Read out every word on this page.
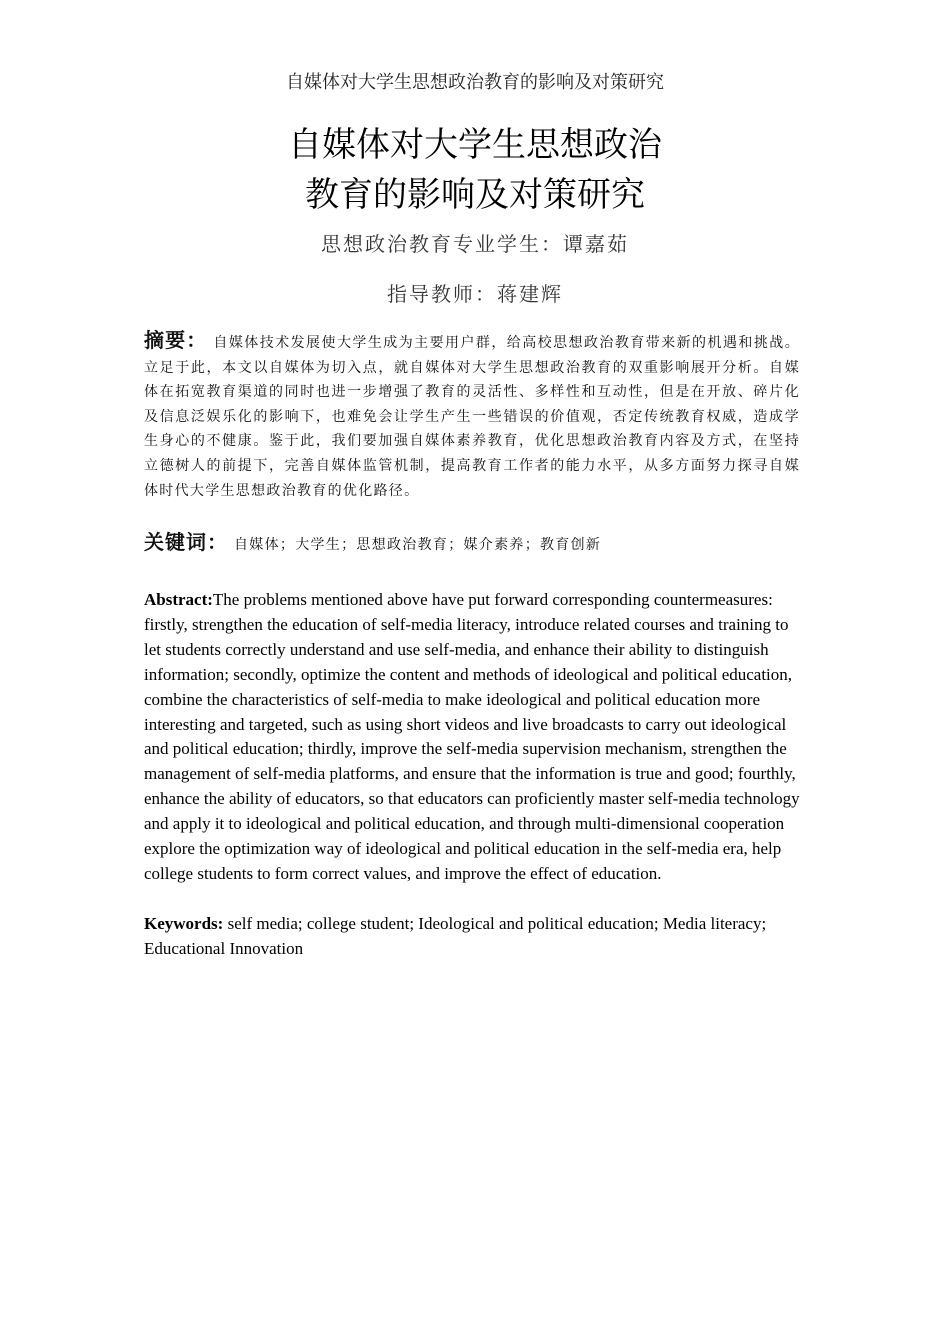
自媒体对大学生思想政治教育的影响及对策研究
自媒体对大学生思想政治
教育的影响及对策研究
思想政治教育专业学生：谭嘉茹
指导教师：蒋建辉
摘要： 自媒体技术发展使大学生成为主要用户群，给高校思想政治教育带来新的机遇和挑战。立足于此，本文以自媒体为切入点，就自媒体对大学生思想政治教育的双重影响展开分析。自媒体在拓宽教育渠道的同时也进一步增强了教育的灵活性、多样性和互动性，但是在开放、碎片化及信息泛娱乐化的影响下，也难免会让学生产生一些错误的价值观，否定传统教育权威，造成学生身心的不健康。鉴于此，我们要加强自媒体素养教育，优化思想政治教育内容及方式，在坚持立德树人的前提下，完善自媒体监管机制，提高教育工作者的能力水平，从多方面努力探寻自媒体时代大学生思想政治教育的优化路径。
关键词： 自媒体；大学生；思想政治教育；媒介素养；教育创新
Abstract:The problems mentioned above have put forward corresponding countermeasures: firstly, strengthen the education of self-media literacy, introduce related courses and training to let students correctly understand and use self-media, and enhance their ability to distinguish information; secondly, optimize the content and methods of ideological and political education, combine the characteristics of self-media to make ideological and political education more interesting and targeted, such as using short videos and live broadcasts to carry out ideological and political education; thirdly, improve the self-media supervision mechanism, strengthen the management of self-media platforms, and ensure that the information is true and good; fourthly, enhance the ability of educators, so that educators can proficiently master self-media technology and apply it to ideological and political education, and through multi-dimensional cooperation explore the optimization way of ideological and political education in the self-media era, help college students to form correct values, and improve the effect of education.
Keywords: self media; college student; Ideological and political education; Media literacy; Educational Innovation
